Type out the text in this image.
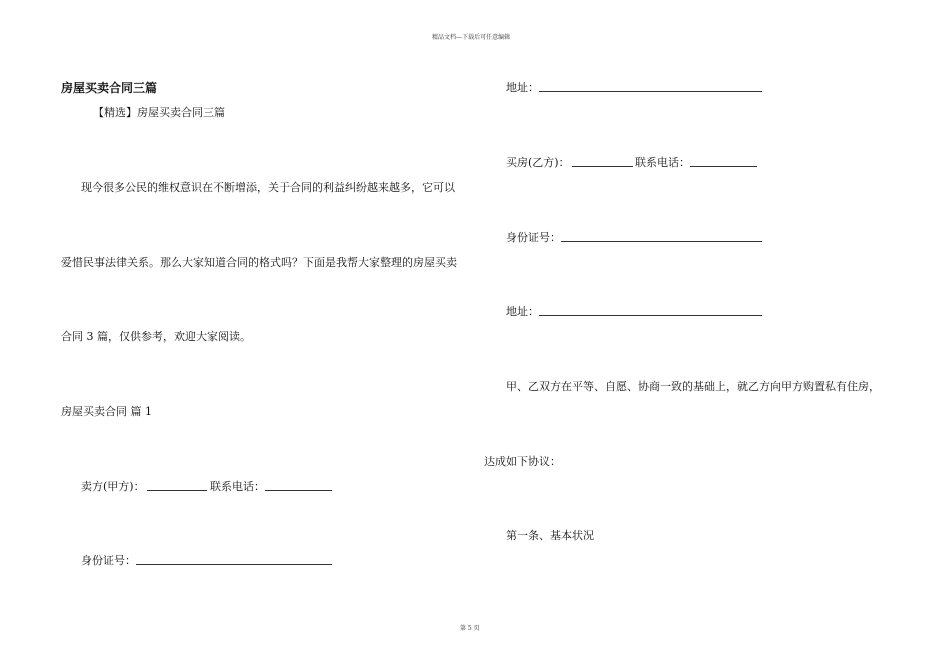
精品文档---下载后可任意编辑
房屋买卖合同三篇
【精选】房屋买卖合同三篇
现今很多公民的维权意识在不断增添，关于合同的利益纠纷越来越多，它可以
爱惜民事法律关系。那么大家知道合同的格式吗？下面是我帮大家整理的房屋买卖
合同 3 篇，仅供参考，欢迎大家阅读。
房屋买卖合同 篇 1
卖方(甲方)：	联系电话：
身份证号：
地址：
买房(乙方)：	联系电话：
身份证号：
地址：
甲、乙双方在平等、自愿、协商一致的基础上，就乙方向甲方购置私有住房，
达成如下协议：
第一条、基本状况
第 5 页
